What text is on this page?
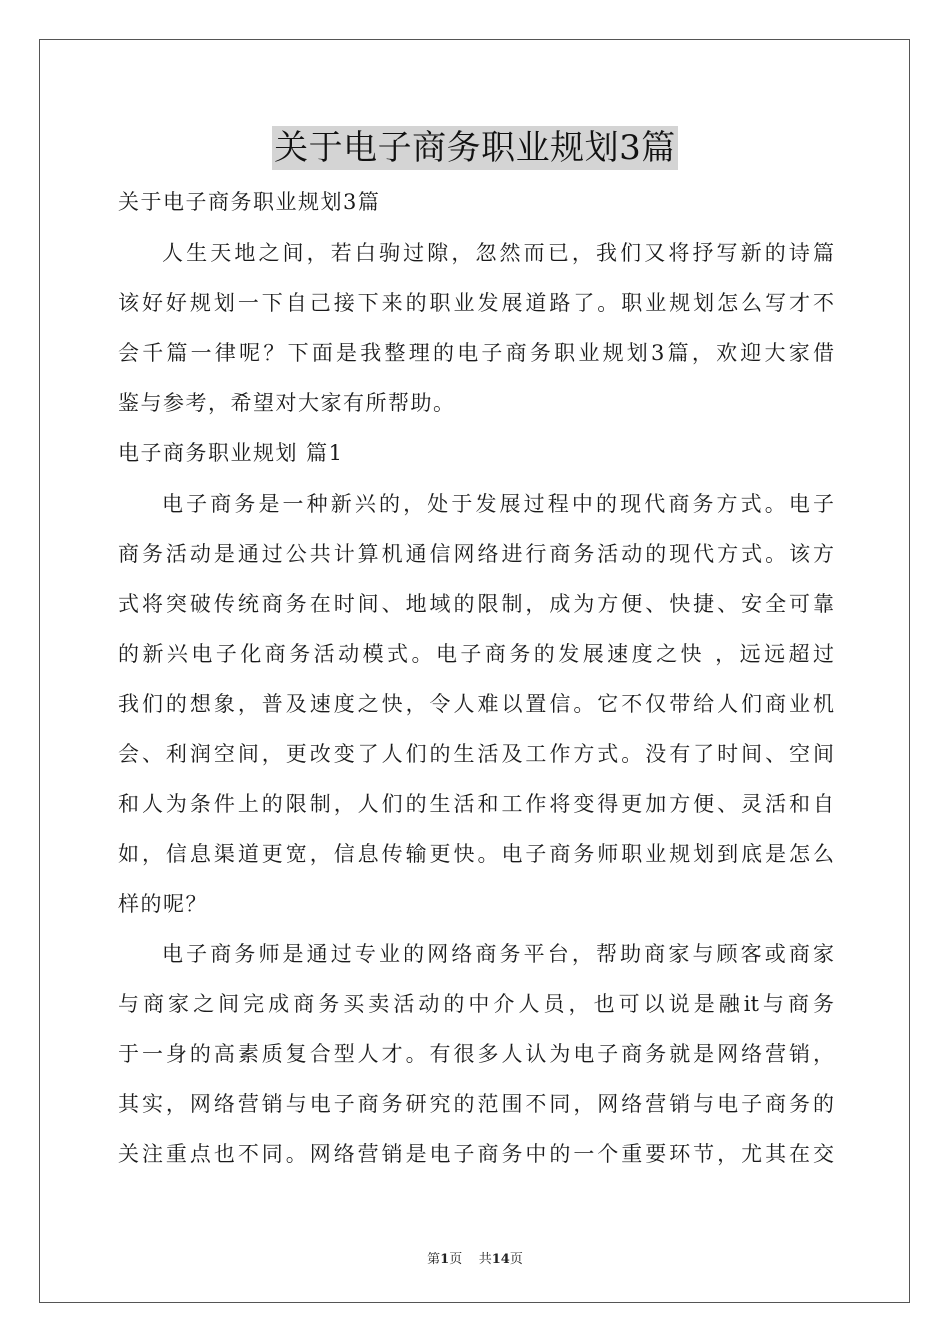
关于电子商务职业规划3篇
关于电子商务职业规划3篇
人生天地之间，若白驹过隙，忽然而已，我们又将抒写新的诗篇
该好好规划一下自己接下来的职业发展道路了。职业规划怎么写才不
会千篇一律呢？下面是我整理的电子商务职业规划3篇，欢迎大家借
鉴与参考，希望对大家有所帮助。
电子商务职业规划 篇1
电子商务是一种新兴的，处于发展过程中的现代商务方式。电子
商务活动是通过公共计算机通信网络进行商务活动的现代方式。该方
式将突破传统商务在时间、地域的限制，成为方便、快捷、安全可靠
的新兴电子化商务活动模式。电子商务的发展速度之快 ，远远超过
我们的想象，普及速度之快，令人难以置信。它不仅带给人们商业机
会、利润空间，更改变了人们的生活及工作方式。没有了时间、空间
和人为条件上的限制，人们的生活和工作将变得更加方便、灵活和自
如，信息渠道更宽，信息传输更快。电子商务师职业规划到底是怎么
样的呢？
电子商务师是通过专业的网络商务平台，帮助商家与顾客或商家
与商家之间完成商务买卖活动的中介人员，也可以说是融it与商务
于一身的高素质复合型人才。有很多人认为电子商务就是网络营销，
其实，网络营销与电子商务研究的范围不同，网络营销与电子商务的
关注重点也不同。网络营销是电子商务中的一个重要环节，尤其在交
第1页 共14页
